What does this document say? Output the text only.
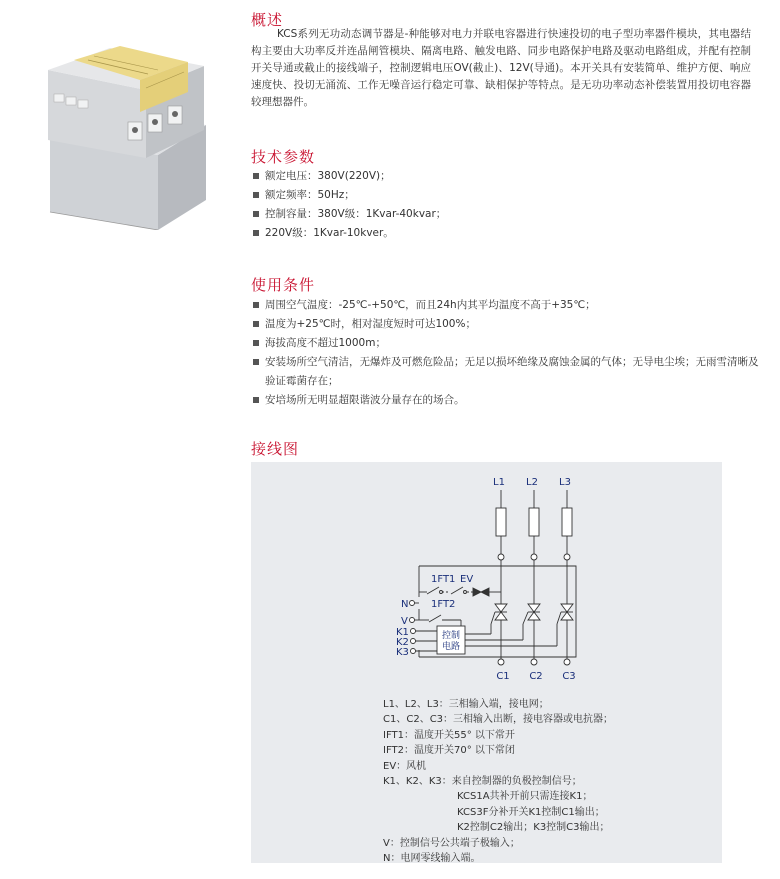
概述

KCS系列无功动态调节器是-种能够对电力并联电容器进行快速投切的电子型功率器件模块，其电器结构主要由大功率反并连晶闸管模块、隔离电路、触发电路、同步电路保护电路及驱动电路组成，并配有控制开关导通或截止的接线端子，控制逻辑电压OV(截止)、12V(导通)。本开关具有安装简单、维护方便、响应速度快、投切无涌流、工作无噪音运行稳定可靠、缺相保护等特点。是无功功率动态补偿装置用投切电容器较理想器件。

技术参数
额定电压：380V(220V)；
额定频率：50Hz；
控制容量：380V级：1Kvar-40kvar；
220V级：1Kvar-10kver。
使用条件
周围空气温度：-25℃-+50℃，而且24h内其平均温度不高于+35℃；
温度为+25℃时，相对湿度短时可达100%；
海拔高度不超过1000m；
安装场所空气清洁，无爆炸及可燃危险品；无足以损坏绝缘及腐蚀金属的气体；无导电尘埃；无雨雪清晰及验证霉菌存在；
安培场所无明显超限谐波分量存在的场合。
接线图
L1 L2 L3
C1 C2 C3
1FT1 EV
N 1FT2
V
K1
K2
K3
控制
电路
L1、L2、L3：三相输入端，接电网；
C1、C2、C3：三相输入出断，接电容器或电抗器；
IFT1：温度开关55° 以下常开
IFT2：温度开关70° 以下常闭
EV：风机
K1、K2、K3：来自控制器的负极控制信号；
KCS1A共补开前只需连接K1；
KCS3F分补开关K1控制C1输出；
K2控制C2输出；K3控制C3输出；
V：控制信号公共端子极输入；
N：电网零线输入端。
